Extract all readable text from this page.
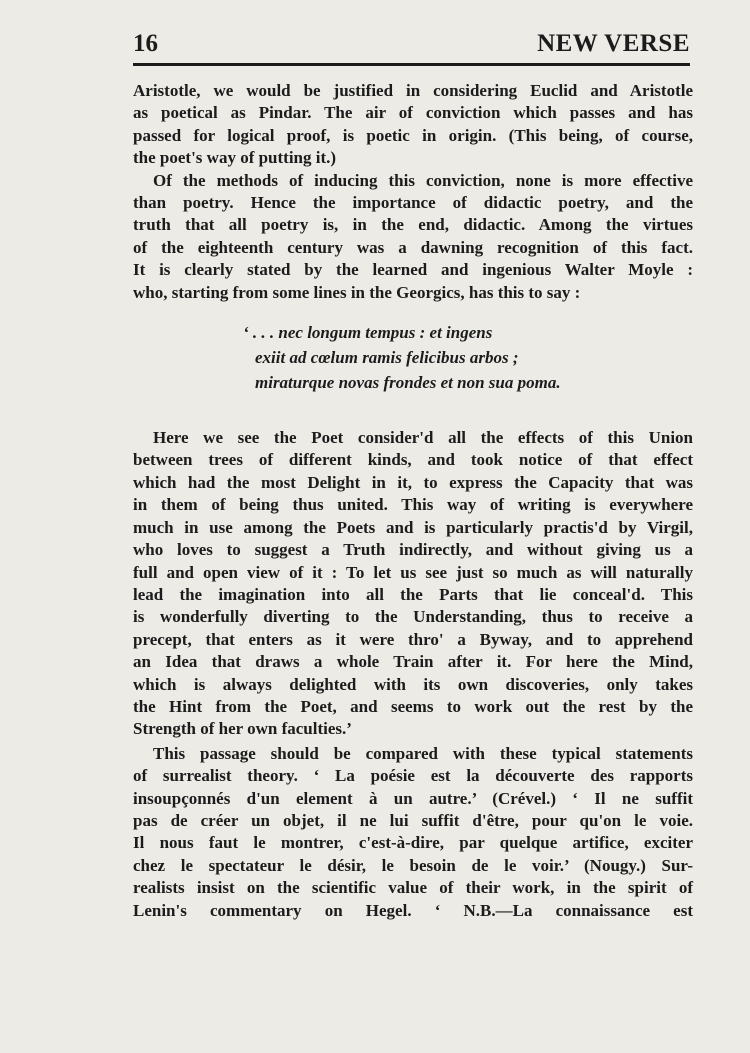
16	NEW VERSE

Aristotle, we would be justified in considering Euclid and Aristotle
as poetical as Pindar. The air of conviction which passes and has
passed for logical proof, is poetic in origin. (This being, of course,
the poet's way of putting it.)

Of the methods of inducing this conviction, none is more effective
than poetry. Hence the importance of didactic poetry, and the
truth that all poetry is, in the end, didactic. Among the virtues
of the eighteenth century was a dawning recognition of this fact.
It is clearly stated by the learned and ingenious Walter Moyle :
who, starting from some lines in the Georgics, has this to say :

‘ . . . nec longum tempus : et ingens
exiit ad cœlum ramis felicibus arbos ;
miraturque novas frondes et non sua poma.

Here we see the Poet consider'd all the effects of this Union
between trees of different kinds, and took notice of that effect
which had the most Delight in it, to express the Capacity that was
in them of being thus united. This way of writing is everywhere
much in use among the Poets and is particularly practis'd by Virgil,
who loves to suggest a Truth indirectly, and without giving us a
full and open view of it : To let us see just so much as will naturally
lead the imagination into all the Parts that lie conceal'd. This
is wonderfully diverting to the Understanding, thus to receive a
precept, that enters as it were thro' a Byway, and to apprehend
an Idea that draws a whole Train after it. For here the Mind,
which is always delighted with its own discoveries, only takes
the Hint from the Poet, and seems to work out the rest by the
Strength of her own faculties.’

This passage should be compared with these typical statements
of surrealist theory. ‘ La poésie est la découverte des rapports
insoupçonnés d'un element à un autre.’ (Crével.) ‘ Il ne suffit
pas de créer un objet, il ne lui suffit d'être, pour qu'on le voie.
Il nous faut le montrer, c'est-à-dire, par quelque artifice, exciter
chez le spectateur le désir, le besoin de le voir.’ (Nougy.) Sur-
realists insist on the scientific value of their work, in the spirit of
Lenin's commentary on Hegel. ‘ N.B.—La connaissance est
